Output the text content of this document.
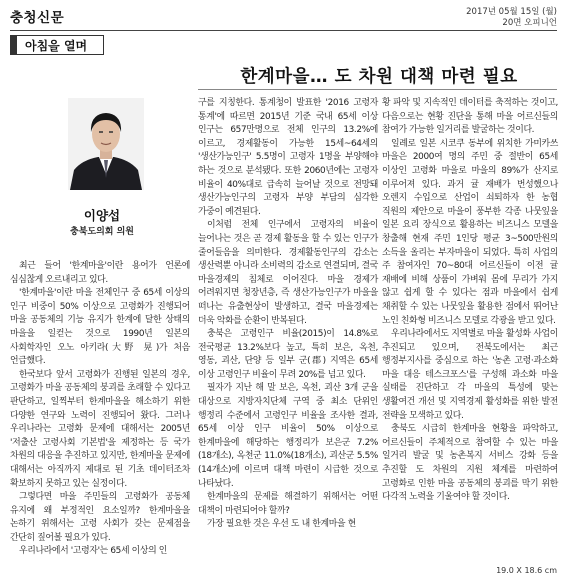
충청신문	2017년 05월 15일 (월)
20면 오피니언
아침을 열며
한계마을… 도 차원 대책 마련 필요
이양섭
충북도의회 의원

최근 들어 '한계마을'이란 용어가 언론에 심심찮게 오르내리고 있다.

'한계마을'이란 마을 전체인구 중 65세 이상의 인구 비중이 50% 이상으로 고령화가 진행되어 마을 공동체의 기능 유지가 한계에 달한 상태의 마을을 일컫는 것으로 1990년 일본의 사회학자인 오노 아키라(大野 晃)가 처음 언급했다.

한국보다 앞서 고령화가 진행된 일본의 경우, 고령화가 마을 공동체의 붕괴를 초래할 수 있다고 판단하고, 일찍부터 한계마을을 해소하기 위한 다양한 연구와 노력이 진행되어 왔다. 그러나 우리나라는 고령화 문제에 대해서는 2005년 '저출산 고령사회 기본법'을 제정하는 등 국가 차원의 대응을 추진하고 있지만, 한계마을 문제에 대해서는 아직까지 제대로 된 기초 데이터조차 확보하지 못하고 있는 실정이다.

그렇다면 마을 주민들의 고령화가 공동체 유지에 왜 부정적인 요소일까? 한계마을을 논하기 위해서는 고령 사회가 갖는 문제점을 간단히 짚어볼 필요가 있다.

우리나라에서 '고령자'는 65세 이상의 인

구를 지칭한다. 통계청이 발표한 '2016 고령자 통계'에 따르면 2015년 기준 국내 65세 이상 인구는 657만명으로 전체 인구의 13.2%에 이르고, 경제활동이 가능한 15세~64세의 '생산가능인구' 5.5명이 고령자 1명을 부양해야 하는 것으로 분석됐다. 또한 2060년에는 고령자 비율이 40%대로 급속히 늘어날 것으로 전망돼 생산가능인구의 고령자 부양 부담의 심각한 가중이 예견된다.

이처럼 전체 인구에서 고령자의 비율이 늘어나는 것은 곧 경제 활동을 할 수 있는 인구가 줄어들음을 의미한다. 경제활동인구의 감소는 생산력뿐 아니라 소비력의 감소로 연결되며, 결국 마을경제의 침체로 이어진다. 마을 경제가 어려워지면 청장년층, 즉 생산가능인구가 마을을 떠나는 유출현상이 발생하고, 결국 마을경제는 더욱 악화를 순환이 반복된다.

충북은 고령인구 비율(2015)이 14.8%로 전국평균 13.2%보다 높고, 특히 보은, 옥천, 영동, 괴산, 단양 등 일부 군(郡) 지역은 65세 이상 고령인구 비율이 무려 20%를 넘고 있다.

필자가 지난 해 말 보은, 옥천, 괴산 3개 군을 대상으로 지방자치단체 구역 중 최소 단위인 행정리 수준에서 고령인구 비율을 조사한 결과, 65세 이상 인구 비율이 50% 이상으로 한계마을에 해당하는 행정리가 보은군 7.2%(18개소), 옥천군 11.0%(18개소), 괴산군 5.5%(14개소)에 이르며 대책 마련이 시급한 것으로 나타났다.

한계마을의 문제를 해결하기 위해서는 어떤 대책이 마련되어야 할까?

가장 필요한 것은 우선 도 내 한계마을 현

황 파악 및 지속적인 데이터를 축적하는 것이고, 다음으로는 현황 진단을 통해 마을 어르신들의 참여가 가능한 일거리를 발굴하는 것이다.

일례로 일본 시코쿠 동부에 위치한 가미카쓰 마을은 2000여 명의 주민 중 절반이 65세 이상인 고령화 마을로 마을의 89%가 산지로 이루어져 있다. 과거 귤 재배가 번성했으나 오렌지 수입으로 산업이 쇠퇴하자 한 농협 직원의 제안으로 마을이 풍부한 각종 나뭇잎을 일본 요리 장식으로 활용하는 비즈니스 모델을 창출해 현재 주민 1인당 평균 3~500만원의 소득을 올리는 부자마을이 되었다. 특히 사업의 주 참여자인 70~80대 어르신들이 이전 귤 재배에 비해 상품이 가벼워 몸에 무리가 가지 않고 쉽게 할 수 있다는 점과 마을에서 쉽게 채취할 수 있는 나뭇잎을 활용한 점에서 뛰어난 노인 친화형 비즈니스 모델로 각광을 받고 있다.

우리나라에서도 지역별로 마을 활성화 사업이 추진되고 있으며, 전북도에서는 최근 행정부지사를 중심으로 하는 '농촌 고령·과소화 마을 대응 테스크포스'를 구성해 과소화 마을 실태를 진단하고 각 마을의 특성에 맞는 생활여건 개선 및 지역경제 활성화를 위한 발전 전략을 모색하고 있다.

충북도 시급히 한계마을 현황을 파악하고, 어르신들이 주체적으로 참여할 수 있는 마을 일거리 발굴 및 농촌복지 서비스 강화 등을 추진할 도 차원의 지원 체계를 마련하여 고령화로 인한 마을 공동체의 붕괴를 막기 위한 다각적 노력을 기울여야 할 것이다.

19.0 X 18.6 cm
